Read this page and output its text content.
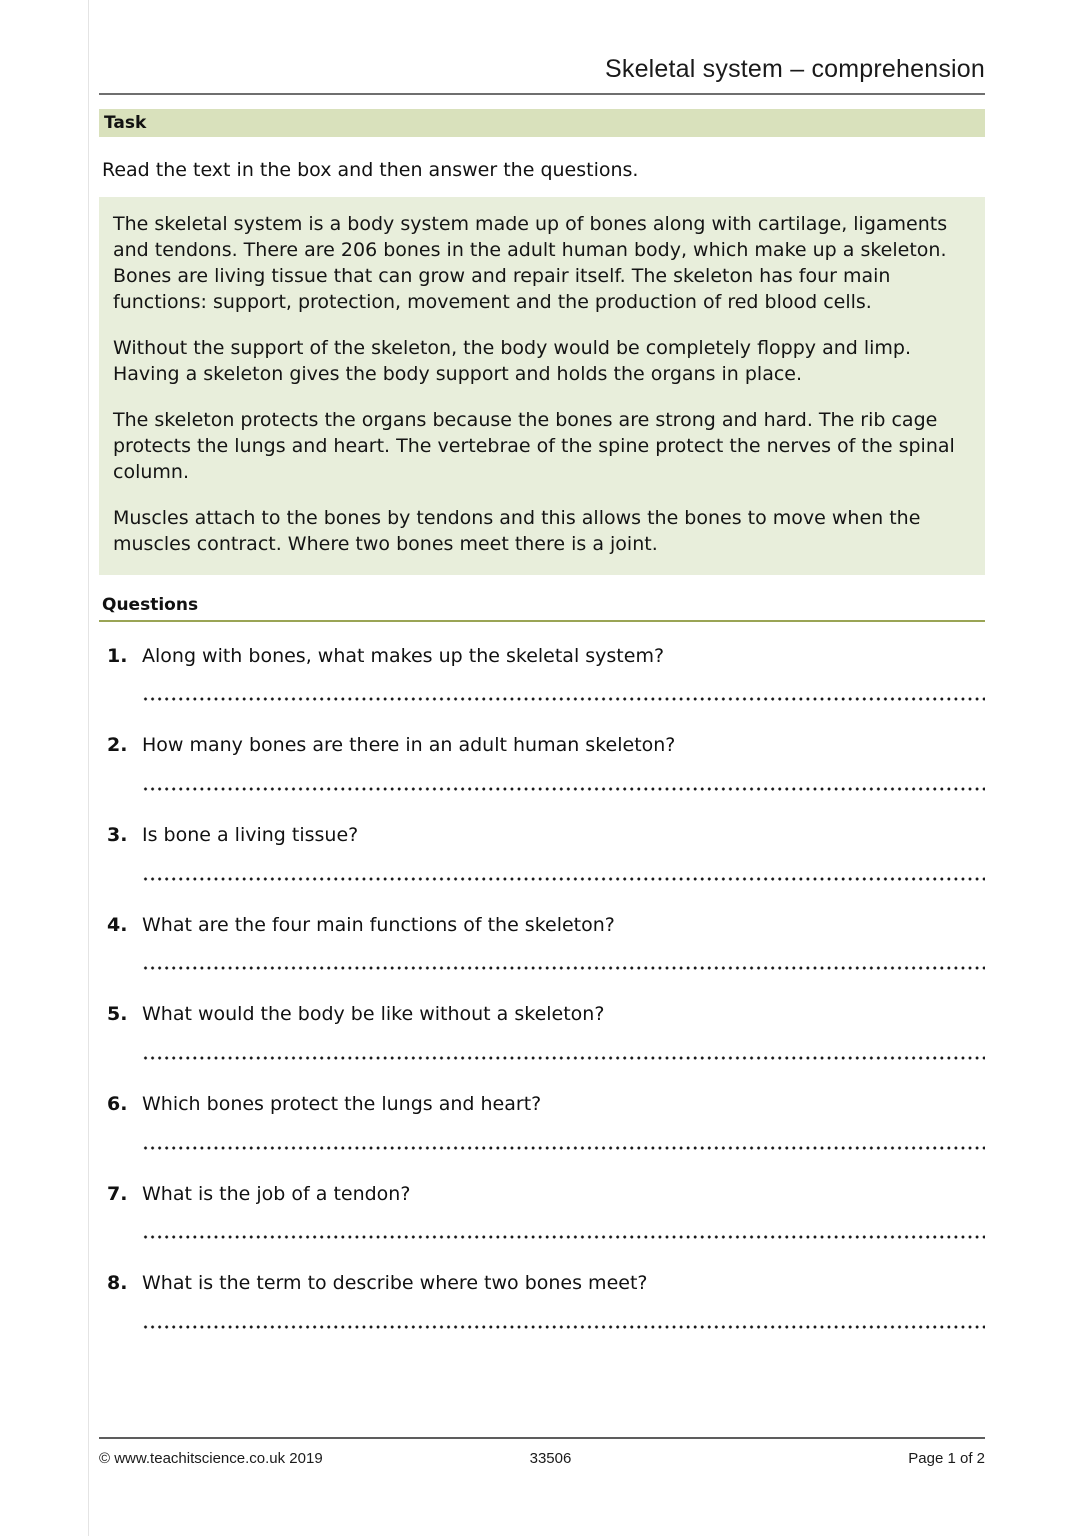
Skeletal system – comprehension
Task
Read the text in the box and then answer the questions.

The skeletal system is a body system made up of bones along with cartilage, ligaments and tendons. There are 206 bones in the adult human body, which make up a skeleton. Bones are living tissue that can grow and repair itself. The skeleton has four main functions: support, protection, movement and the production of red blood cells.

Without the support of the skeleton, the body would be completely floppy and limp. Having a skeleton gives the body support and holds the organs in place.

The skeleton protects the organs because the bones are strong and hard. The rib cage protects the lungs and heart. The vertebrae of the spine protect the nerves of the spinal column.

Muscles attach to the bones by tendons and this allows the bones to move when the muscles contract. Where two bones meet there is a joint.

Questions
1. Along with bones, what makes up the skeletal system?
2. How many bones are there in an adult human skeleton?
3. Is bone a living tissue?
4. What are the four main functions of the skeleton?
5. What would the body be like without a skeleton?
6. Which bones protect the lungs and heart?
7. What is the job of a tendon?
8. What is the term to describe where two bones meet?
© www.teachitscience.co.uk 2019	33506	Page 1 of 2
